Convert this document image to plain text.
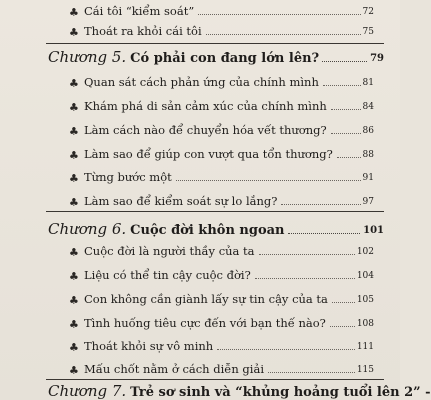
♣ Cái tôi “kiểm soát”	72
♣ Thoát ra khỏi cái tôi	75
Chương 5. Có phải con đang lớn lên?	79
♣ Quan sát cách phản ứng của chính mình	81
♣ Khám phá di sản cảm xúc của chính mình	84
♣ Làm cách nào để chuyển hóa vết thương?	86
♣ Làm sao để giúp con vượt qua tổn thương?	88
♣ Từng bước một	91
♣ Làm sao để kiểm soát sự lo lắng?	97
Chương 6. Cuộc đời khôn ngoan	101
♣ Cuộc đời là người thầy của ta	102
♣ Liệu có thể tin cậy cuộc đời?	104
♣ Con không cần giành lấy sự tin cậy của ta	105
♣ Tình huống tiêu cực đến với bạn thế nào?	108
♣ Thoát khỏi sự vô minh	111
♣ Mấu chốt nằm ở cách diễn giải	115
Chương 7. Trẻ sơ sinh và “khủng hoảng tuổi lên 2” -
